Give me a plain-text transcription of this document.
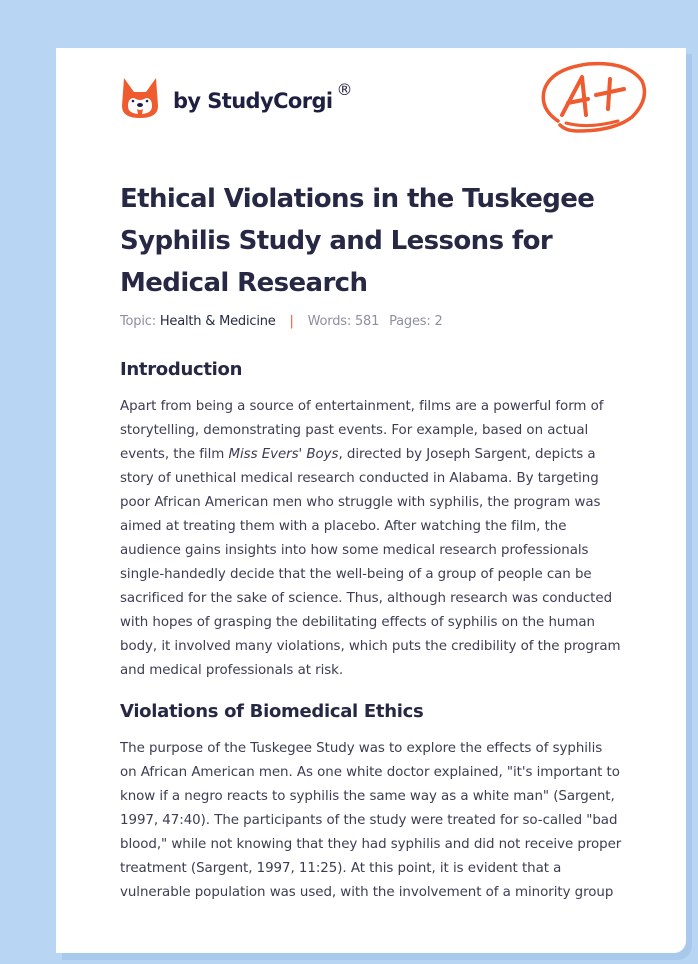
by StudyCorgi ®
Ethical Violations in the Tuskegee Syphilis Study and Lessons for Medical Research
Topic: Health & Medicine | Words: 581 Pages: 2
Introduction

Apart from being a source of entertainment, films are a powerful form of storytelling, demonstrating past events. For example, based on actual events, the film Miss Evers' Boys, directed by Joseph Sargent, depicts a story of unethical medical research conducted in Alabama. By targeting poor African American men who struggle with syphilis, the program was aimed at treating them with a placebo. After watching the film, the audience gains insights into how some medical research professionals single-handedly decide that the well-being of a group of people can be sacrificed for the sake of science. Thus, although research was conducted with hopes of grasping the debilitating effects of syphilis on the human body, it involved many violations, which puts the credibility of the program and medical professionals at risk.

Violations of Biomedical Ethics

The purpose of the Tuskegee Study was to explore the effects of syphilis on African American men. As one white doctor explained, "it's important to know if a negro reacts to syphilis the same way as a white man" (Sargent, 1997, 47:40). The participants of the study were treated for so-called "bad blood," while not knowing that they had syphilis and did not receive proper treatment (Sargent, 1997, 11:25). At this point, it is evident that a vulnerable population was used, with the involvement of a minority group
